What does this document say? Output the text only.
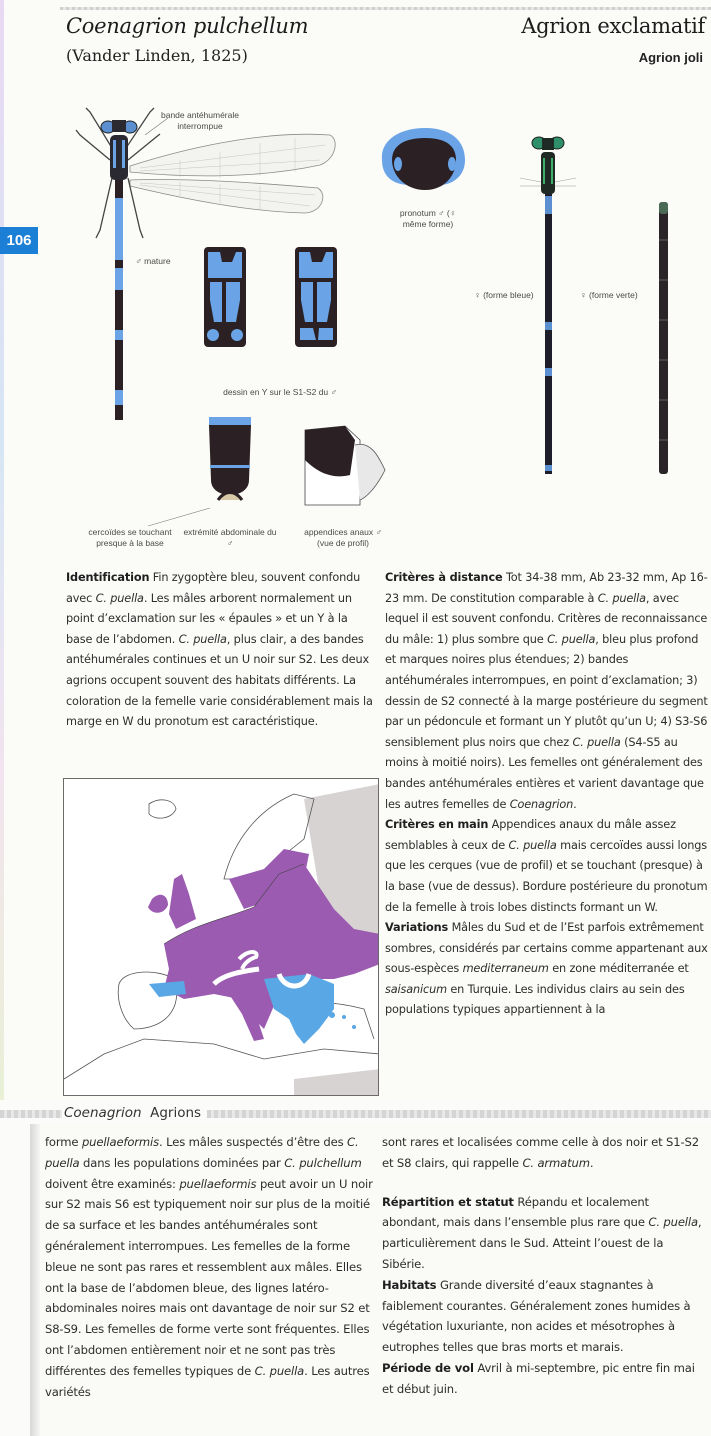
Coenagrion pulchellum
(Vander Linden, 1825)
Agrion exclamatif
Agrion joli
106
bande antéhumérale interrompue
♂ mature
pronotum ♂ (♀ même forme)
♀ (forme bleue)	♀ (forme verte)
dessin en Y sur le S1-S2 du ♂
cercoïdes se touchant presque à la base
extrémité abdominale du ♂
appendices anaux ♂ (vue de profil)

Identification Fin zygoptère bleu, souvent confondu avec C. puella. Les mâles arborent normalement un point d’exclamation sur les « épaules » et un Y à la base de l’abdomen. C. puella, plus clair, a des bandes antéhumérales continues et un U noir sur S2. Les deux agrions occupent souvent des habitats différents. La coloration de la femelle varie considérablement mais la marge en W du pronotum est caractéristique.

Critères à distance Tot 34-38 mm, Ab 23-32 mm, Ap 16-23 mm. De constitution comparable à C. puella, avec lequel il est souvent confondu. Critères de reconnaissance du mâle: 1) plus sombre que C. puella, bleu plus profond et marques noires plus étendues; 2) bandes antéhumérales interrompues, en point d’exclamation; 3) dessin de S2 connecté à la marge postérieure du segment par un pédoncule et formant un Y plutôt qu’un U; 4) S3-S6 sensiblement plus noirs que chez C. puella (S4-S5 au moins à moitié noirs). Les femelles ont généralement des bandes antéhumérales entières et varient davantage que les autres femelles de Coenagrion.

Critères en main Appendices anaux du mâle assez semblables à ceux de C. puella mais cercoïdes aussi longs que les cerques (vue de profil) et se touchant (presque) à la base (vue de dessus). Bordure postérieure du pronotum de la femelle à trois lobes distincts formant un W.

Variations Mâles du Sud et de l’Est parfois extrêmement sombres, considérés par certains comme appartenant aux sous-espèces mediterraneum en zone méditerranée et saisanicum en Turquie. Les individus clairs au sein des populations typiques appartiennent à la

Coenagrion Agrions

forme puellaeformis. Les mâles suspectés d’être des C. puella dans les populations dominées par C. pulchellum doivent être examinés: puellaeformis peut avoir un U noir sur S2 mais S6 est typiquement noir sur plus de la moitié de sa surface et les bandes antéhumérales sont généralement interrompues. Les femelles de la forme bleue ne sont pas rares et ressemblent aux mâles. Elles ont la base de l’abdomen bleue, des lignes latéro-abdominales noires mais ont davantage de noir sur S2 et S8-S9. Les femelles de forme verte sont fréquentes. Elles ont l’abdomen entièrement noir et ne sont pas très différentes des femelles typiques de C. puella. Les autres variétés

sont rares et localisées comme celle à dos noir et S1-S2 et S8 clairs, qui rappelle C. armatum.

Répartition et statut Répandu et localement abondant, mais dans l’ensemble plus rare que C. puella, particulièrement dans le Sud. Atteint l’ouest de la Sibérie.

Habitats Grande diversité d’eaux stagnantes à faiblement courantes. Généralement zones humides à végétation luxuriante, non acides et mésotrophes à eutrophes telles que bras morts et marais.

Période de vol Avril à mi-septembre, pic entre fin mai et début juin.
